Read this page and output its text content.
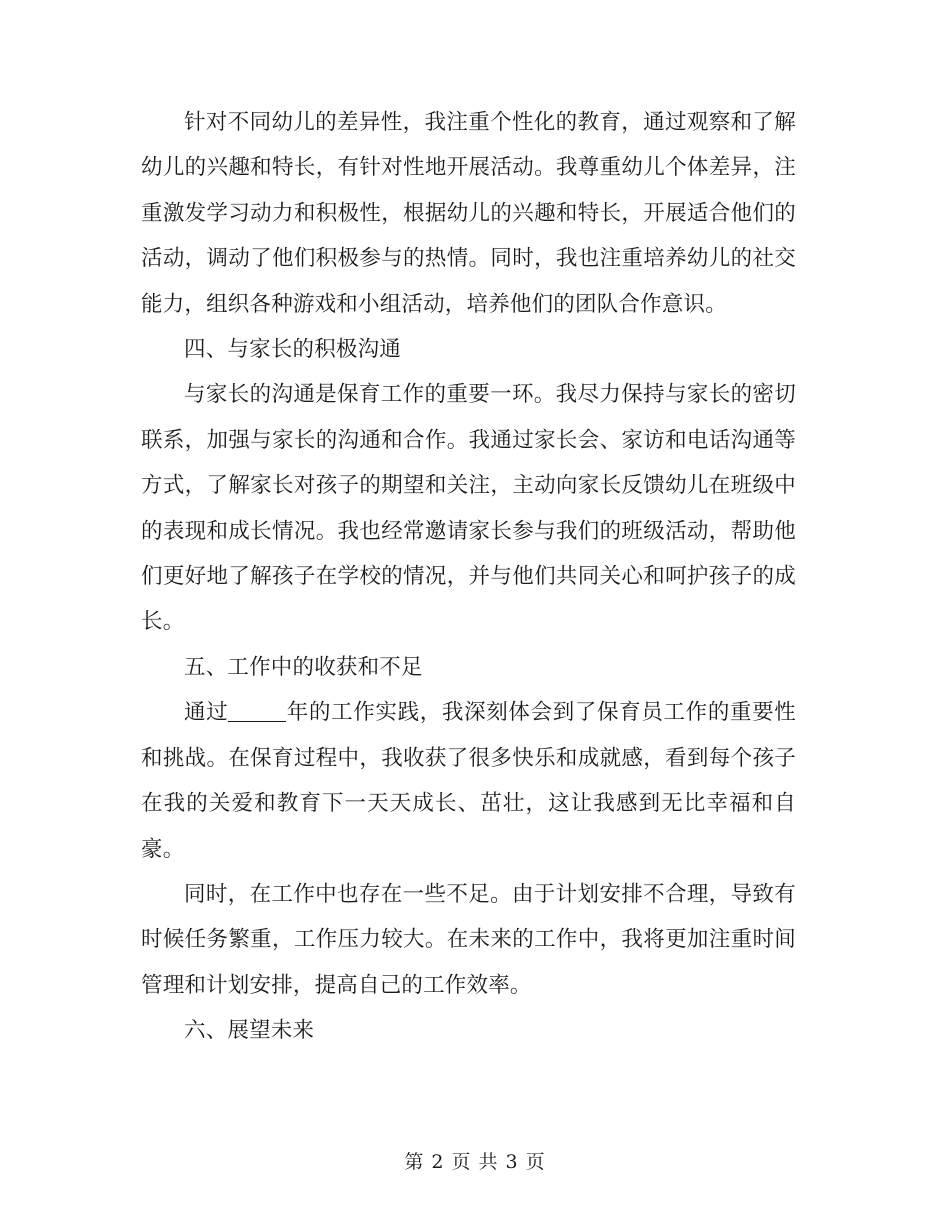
针对不同幼儿的差异性，我注重个性化的教育，通过观察和了解幼儿的兴趣和特长，有针对性地开展活动。我尊重幼儿个体差异，注重激发学习动力和积极性，根据幼儿的兴趣和特长，开展适合他们的活动，调动了他们积极参与的热情。同时，我也注重培养幼儿的社交能力，组织各种游戏和小组活动，培养他们的团队合作意识。

四、与家长的积极沟通

与家长的沟通是保育工作的重要一环。我尽力保持与家长的密切联系，加强与家长的沟通和合作。我通过家长会、家访和电话沟通等方式，了解家长对孩子的期望和关注，主动向家长反馈幼儿在班级中的表现和成长情况。我也经常邀请家长参与我们的班级活动，帮助他们更好地了解孩子在学校的情况，并与他们共同关心和呵护孩子的成长。

五、工作中的收获和不足

通过	年的工作实践，我深刻体会到了保育员工作的重要性和挑战。在保育过程中，我收获了很多快乐和成就感，看到每个孩子在我的关爱和教育下一天天成长、茁壮，这让我感到无比幸福和自豪。

同时，在工作中也存在一些不足。由于计划安排不合理，导致有时候任务繁重，工作压力较大。在未来的工作中，我将更加注重时间管理和计划安排，提高自己的工作效率。

六、展望未来

第 2 页 共 3 页
